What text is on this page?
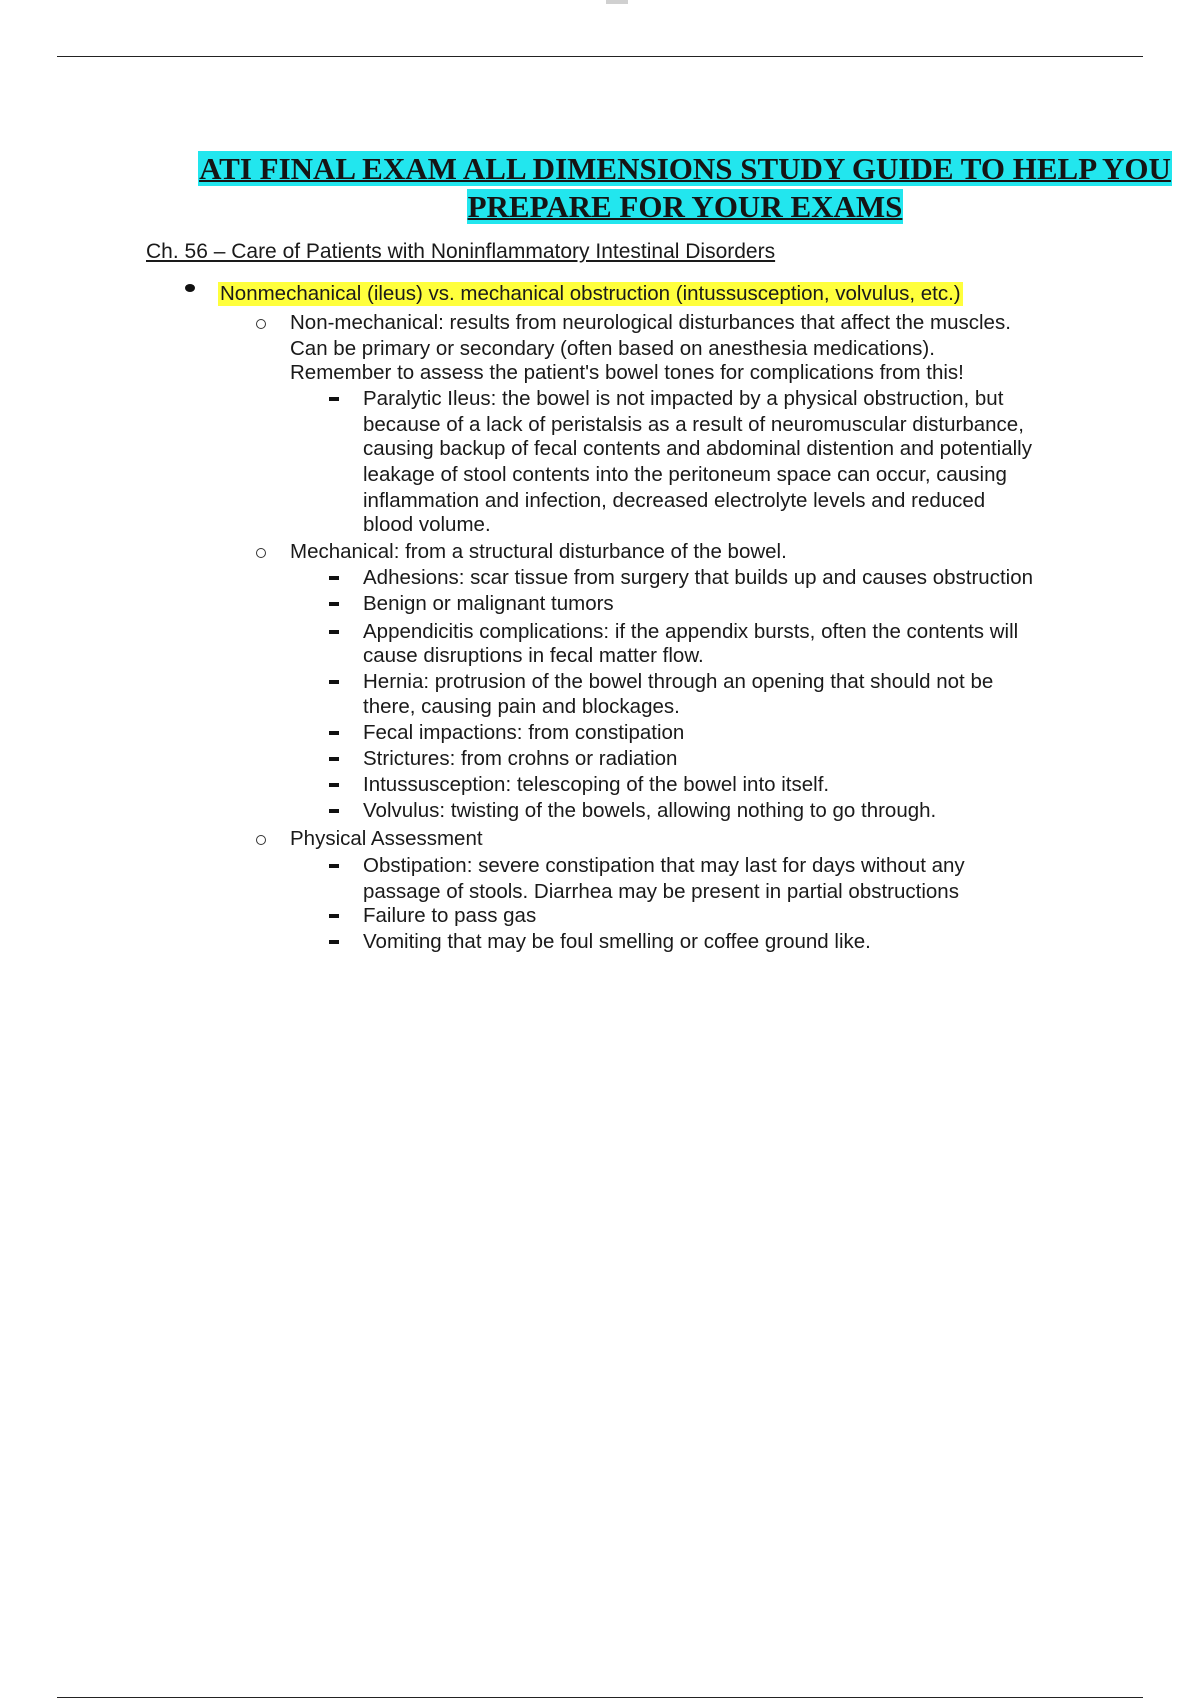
ATI FINAL EXAM ALL DIMENSIONS STUDY GUIDE TO HELP YOU
PREPARE FOR YOUR EXAMS
Ch. 56 – Care of Patients with Noninflammatory Intestinal Disorders
Nonmechanical (ileus) vs. mechanical obstruction (intussusception, volvulus, etc.)
Non-mechanical: results from neurological disturbances that affect the muscles.
Can be primary or secondary (often based on anesthesia medications).
Remember to assess the patient's bowel tones for complications from this!
Paralytic Ileus: the bowel is not impacted by a physical obstruction, but
because of a lack of peristalsis as a result of neuromuscular disturbance,
causing backup of fecal contents and abdominal distention and potentially
leakage of stool contents into the peritoneum space can occur, causing
inflammation and infection, decreased electrolyte levels and reduced
blood volume.
Mechanical: from a structural disturbance of the bowel.
Adhesions: scar tissue from surgery that builds up and causes obstruction
Benign or malignant tumors
Appendicitis complications: if the appendix bursts, often the contents will
cause disruptions in fecal matter flow.
Hernia: protrusion of the bowel through an opening that should not be
there, causing pain and blockages.
Fecal impactions: from constipation
Strictures: from crohns or radiation
Intussusception: telescoping of the bowel into itself.
Volvulus: twisting of the bowels, allowing nothing to go through.
Physical Assessment
Obstipation: severe constipation that may last for days without any
passage of stools. Diarrhea may be present in partial obstructions
Failure to pass gas
Vomiting that may be foul smelling or coffee ground like.
